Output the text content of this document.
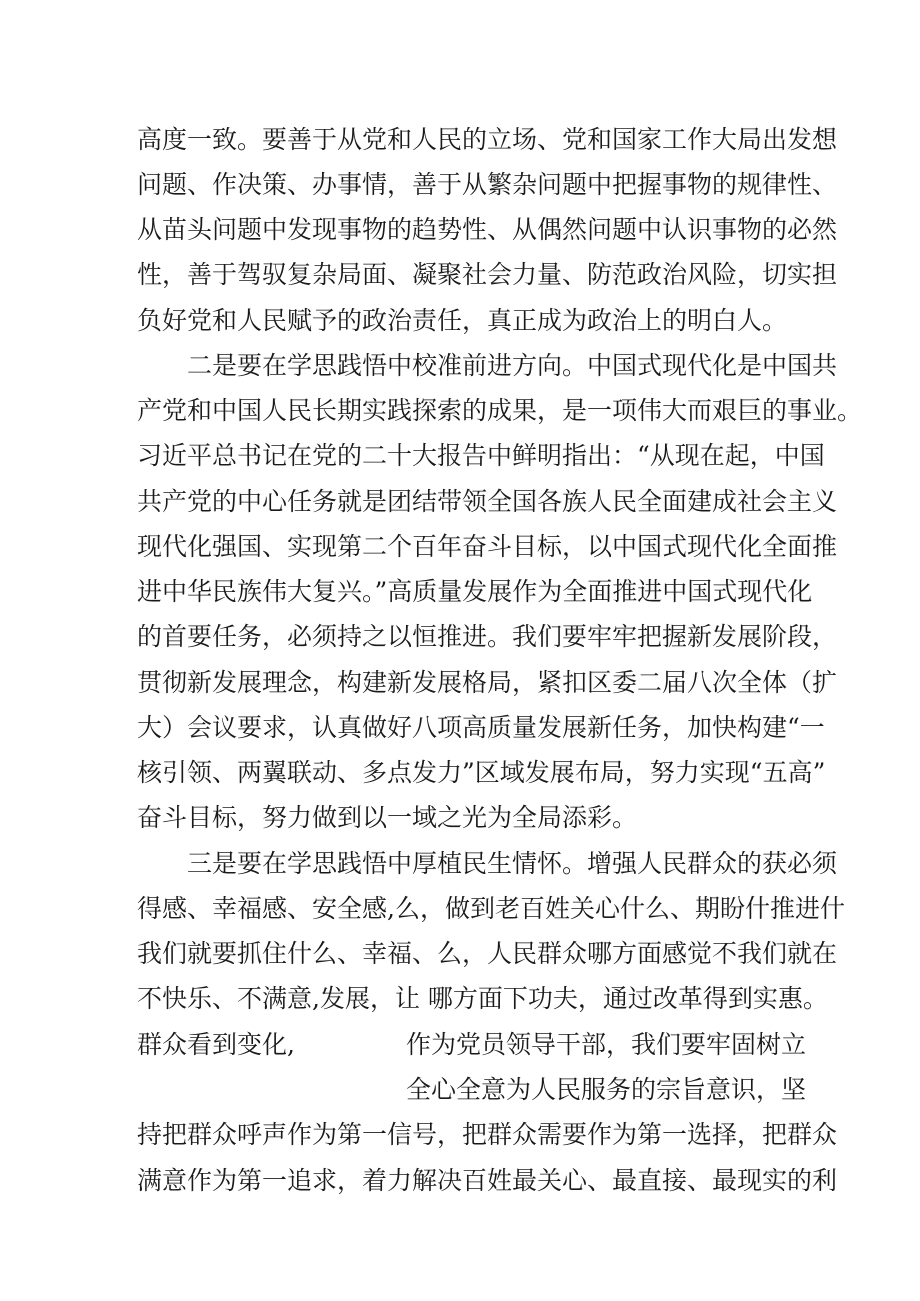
高度一致。要善于从党和人民的立场、党和国家工作大局出发想
问题、作决策、办事情，善于从繁杂问题中把握事物的规律性、
从苗头问题中发现事物的趋势性、从偶然问题中认识事物的必然
性，善于驾驭复杂局面、凝聚社会力量、防范政治风险，切实担
负好党和人民赋予的政治责任，真正成为政治上的明白人。
二是要在学思践悟中校准前进方向。中国式现代化是中国共
产党和中国人民长期实践探索的成果，是一项伟大而艰巨的事业。
习近平总书记在党的二十大报告中鲜明指出：“从现在起，中国
共产党的中心任务就是团结带领全国各族人民全面建成社会主义
现代化强国、实现第二个百年奋斗目标，以中国式现代化全面推
进中华民族伟大复兴。”高质量发展作为全面推进中国式现代化
的首要任务，必须持之以恒推进。我们要牢牢把握新发展阶段，
贯彻新发展理念，构建新发展格局，紧扣区委二届八次全体（扩
大）会议要求，认真做好八项高质量发展新任务，加快构建“一
核引领、两翼联动、多点发力”区域发展布局，努力实现“五高”
奋斗目标，努力做到以一域之光为全局添彩。
三是要在学思践悟中厚植民生情怀。增强人民群众的获必须
得感、幸福感、安全感,么，做到老百姓关心什么、期盼什推进什
我们就要抓住什么、幸福、么，人民群众哪方面感觉不我们就在
不快乐、不满意,发展，让 哪方面下功夫，通过改革得到实惠。
群众看到变化,	作为党员领导干部，我们要牢固树立
全心全意为人民服务的宗旨意识，坚
持把群众呼声作为第一信号，把群众需要作为第一选择，把群众
满意作为第一追求，着力解决百姓最关心、最直接、最现实的利
